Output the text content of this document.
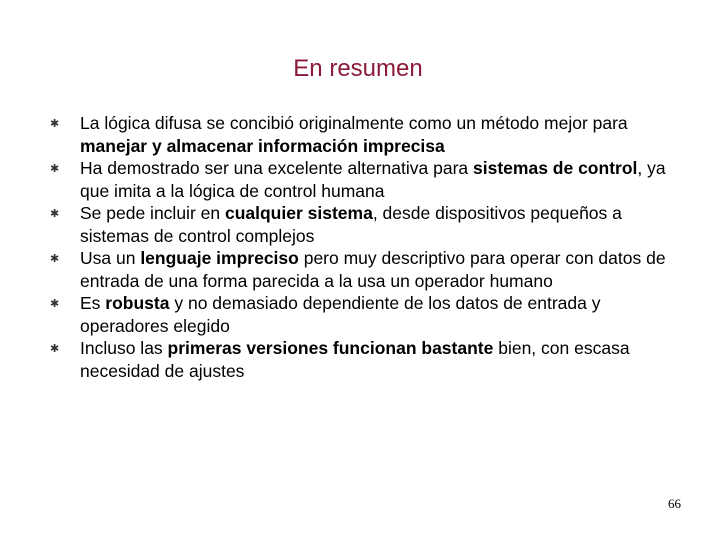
En resumen
✱ La lógica difusa se concibió originalmente como un método mejor para manejar y almacenar información imprecisa
✱ Ha demostrado ser una excelente alternativa para sistemas de control, ya que imita a la lógica de control humana
✱ Se pede incluir en cualquier sistema, desde dispositivos pequeños a sistemas de control complejos
✱ Usa un lenguaje impreciso pero muy descriptivo para operar con datos de entrada de una forma parecida a la usa un operador humano
✱ Es robusta y no demasiado dependiente de los datos de entrada y operadores elegido
✱ Incluso las primeras versiones funcionan bastante bien, con escasa necesidad de ajustes
66
